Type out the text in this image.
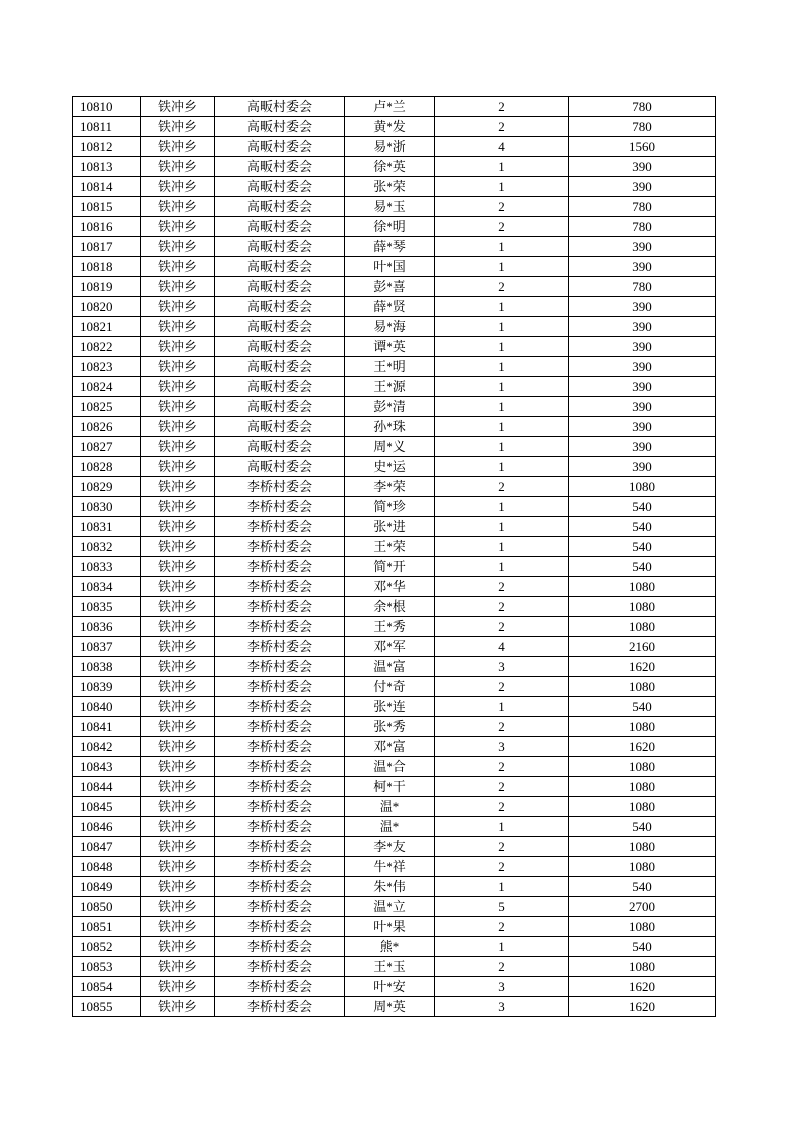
10810	铁冲乡	高畈村委会	卢*兰	2	780
10811	铁冲乡	高畈村委会	黄*发	2	780
10812	铁冲乡	高畈村委会	易*浙	4	1560
10813	铁冲乡	高畈村委会	徐*英	1	390
10814	铁冲乡	高畈村委会	张*荣	1	390
10815	铁冲乡	高畈村委会	易*玉	2	780
10816	铁冲乡	高畈村委会	徐*明	2	780
10817	铁冲乡	高畈村委会	薛*琴	1	390
10818	铁冲乡	高畈村委会	叶*国	1	390
10819	铁冲乡	高畈村委会	彭*喜	2	780
10820	铁冲乡	高畈村委会	薛*贤	1	390
10821	铁冲乡	高畈村委会	易*海	1	390
10822	铁冲乡	高畈村委会	谭*英	1	390
10823	铁冲乡	高畈村委会	王*明	1	390
10824	铁冲乡	高畈村委会	王*源	1	390
10825	铁冲乡	高畈村委会	彭*清	1	390
10826	铁冲乡	高畈村委会	孙*珠	1	390
10827	铁冲乡	高畈村委会	周*义	1	390
10828	铁冲乡	高畈村委会	史*运	1	390
10829	铁冲乡	李桥村委会	李*荣	2	1080
10830	铁冲乡	李桥村委会	简*珍	1	540
10831	铁冲乡	李桥村委会	张*进	1	540
10832	铁冲乡	李桥村委会	王*荣	1	540
10833	铁冲乡	李桥村委会	简*开	1	540
10834	铁冲乡	李桥村委会	邓*华	2	1080
10835	铁冲乡	李桥村委会	余*根	2	1080
10836	铁冲乡	李桥村委会	王*秀	2	1080
10837	铁冲乡	李桥村委会	邓*军	4	2160
10838	铁冲乡	李桥村委会	温*富	3	1620
10839	铁冲乡	李桥村委会	付*奇	2	1080
10840	铁冲乡	李桥村委会	张*连	1	540
10841	铁冲乡	李桥村委会	张*秀	2	1080
10842	铁冲乡	李桥村委会	邓*富	3	1620
10843	铁冲乡	李桥村委会	温*合	2	1080
10844	铁冲乡	李桥村委会	柯*干	2	1080
10845	铁冲乡	李桥村委会	温*	2	1080
10846	铁冲乡	李桥村委会	温*	1	540
10847	铁冲乡	李桥村委会	李*友	2	1080
10848	铁冲乡	李桥村委会	牛*祥	2	1080
10849	铁冲乡	李桥村委会	朱*伟	1	540
10850	铁冲乡	李桥村委会	温*立	5	2700
10851	铁冲乡	李桥村委会	叶*果	2	1080
10852	铁冲乡	李桥村委会	熊*	1	540
10853	铁冲乡	李桥村委会	王*玉	2	1080
10854	铁冲乡	李桥村委会	叶*安	3	1620
10855	铁冲乡	李桥村委会	周*英	3	1620
